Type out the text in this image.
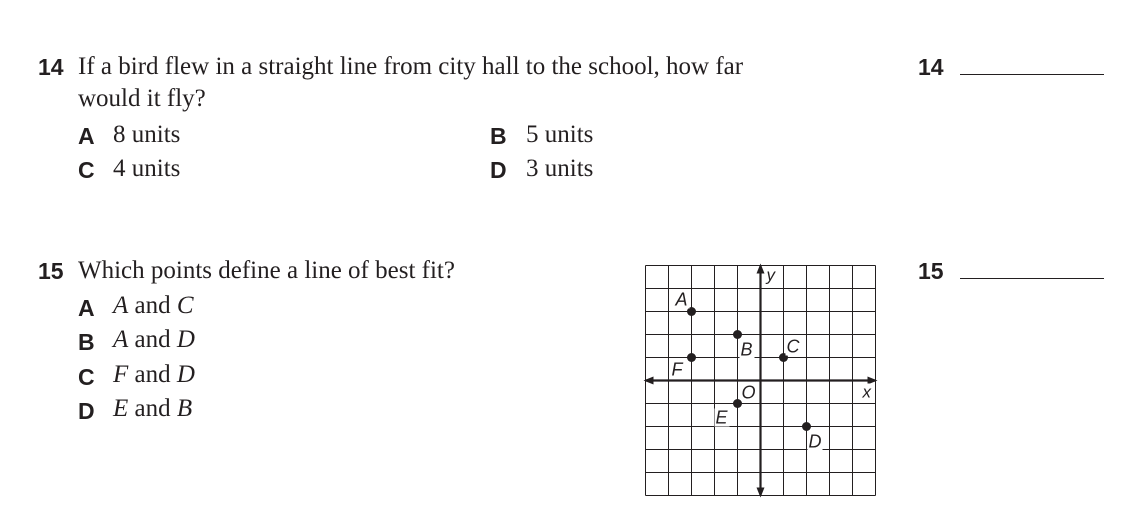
14 If a bird flew in a straight line from city hall to the school, how far
would it fly?
A 8 units	B 5 units
C 4 units	D 3 units
14
15 Which points define a line of best fit?
A A and C
B A and D
C F and D
D E and B
15
y
x
O
A
B C
F
E
D
